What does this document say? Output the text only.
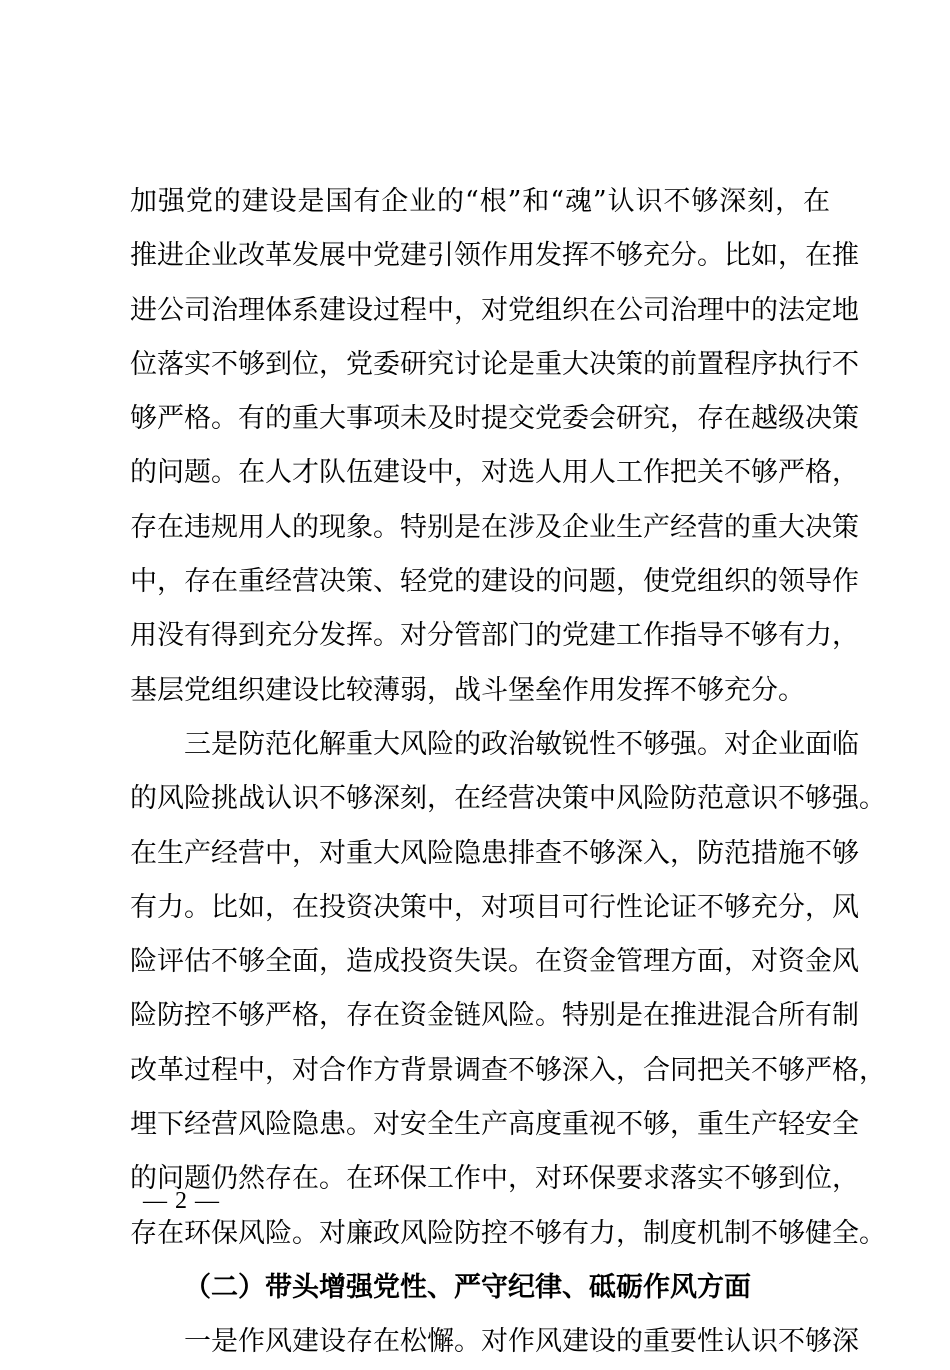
加强党的建设是国有企业的“根”和“魂”认识不够深刻，在
推进企业改革发展中党建引领作用发挥不够充分。比如，在推
进公司治理体系建设过程中，对党组织在公司治理中的法定地
位落实不够到位，党委研究讨论是重大决策的前置程序执行不
够严格。有的重大事项未及时提交党委会研究，存在越级决策
的问题。在人才队伍建设中，对选人用人工作把关不够严格，
存在违规用人的现象。特别是在涉及企业生产经营的重大决策
中，存在重经营决策、轻党的建设的问题，使党组织的领导作
用没有得到充分发挥。对分管部门的党建工作指导不够有力，
基层党组织建设比较薄弱，战斗堡垒作用发挥不够充分。
三是防范化解重大风险的政治敏锐性不够强。对企业面临
的风险挑战认识不够深刻，在经营决策中风险防范意识不够强。
在生产经营中，对重大风险隐患排查不够深入，防范措施不够
有力。比如，在投资决策中，对项目可行性论证不够充分，风
险评估不够全面，造成投资失误。在资金管理方面，对资金风
险防控不够严格，存在资金链风险。特别是在推进混合所有制
改革过程中，对合作方背景调查不够深入，合同把关不够严格，
埋下经营风险隐患。对安全生产高度重视不够，重生产轻安全
的问题仍然存在。在环保工作中，对环保要求落实不够到位，
存在环保风险。对廉政风险防控不够有力，制度机制不够健全。
（二）带头增强党性、严守纪律、砥砺作风方面
一是作风建设存在松懈。对作风建设的重要性认识不够深
— 2 —
